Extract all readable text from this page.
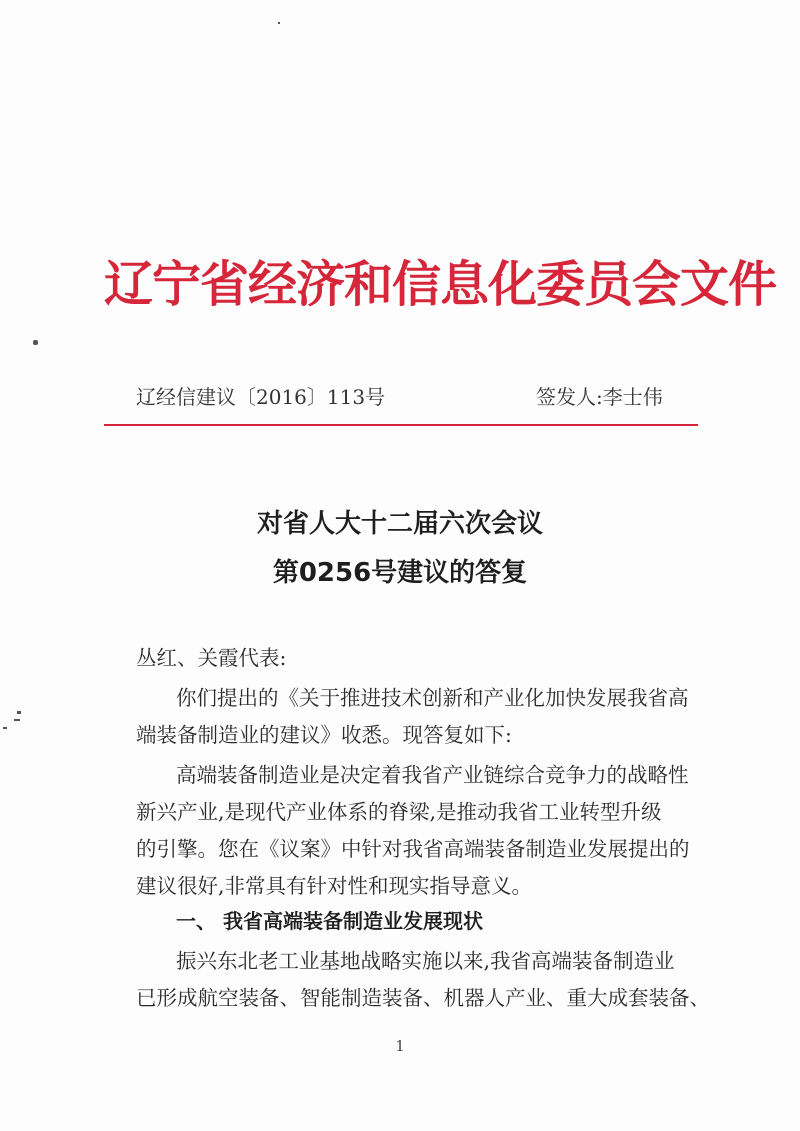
辽宁省经济和信息化委员会文件
辽经信建议〔2016〕113号	签发人:李士伟
对省人大十二届六次会议
第0256号建议的答复
丛红、关霞代表:
你们提出的《关于推进技术创新和产业化加快发展我省高
端装备制造业的建议》收悉。现答复如下:
高端装备制造业是决定着我省产业链综合竞争力的战略性
新兴产业,是现代产业体系的脊梁,是推动我省工业转型升级
的引擎。您在《议案》中针对我省高端装备制造业发展提出的
建议很好,非常具有针对性和现实指导意义。
一、 我省高端装备制造业发展现状
振兴东北老工业基地战略实施以来,我省高端装备制造业
已形成航空装备、智能制造装备、机器人产业、重大成套装备、
1
